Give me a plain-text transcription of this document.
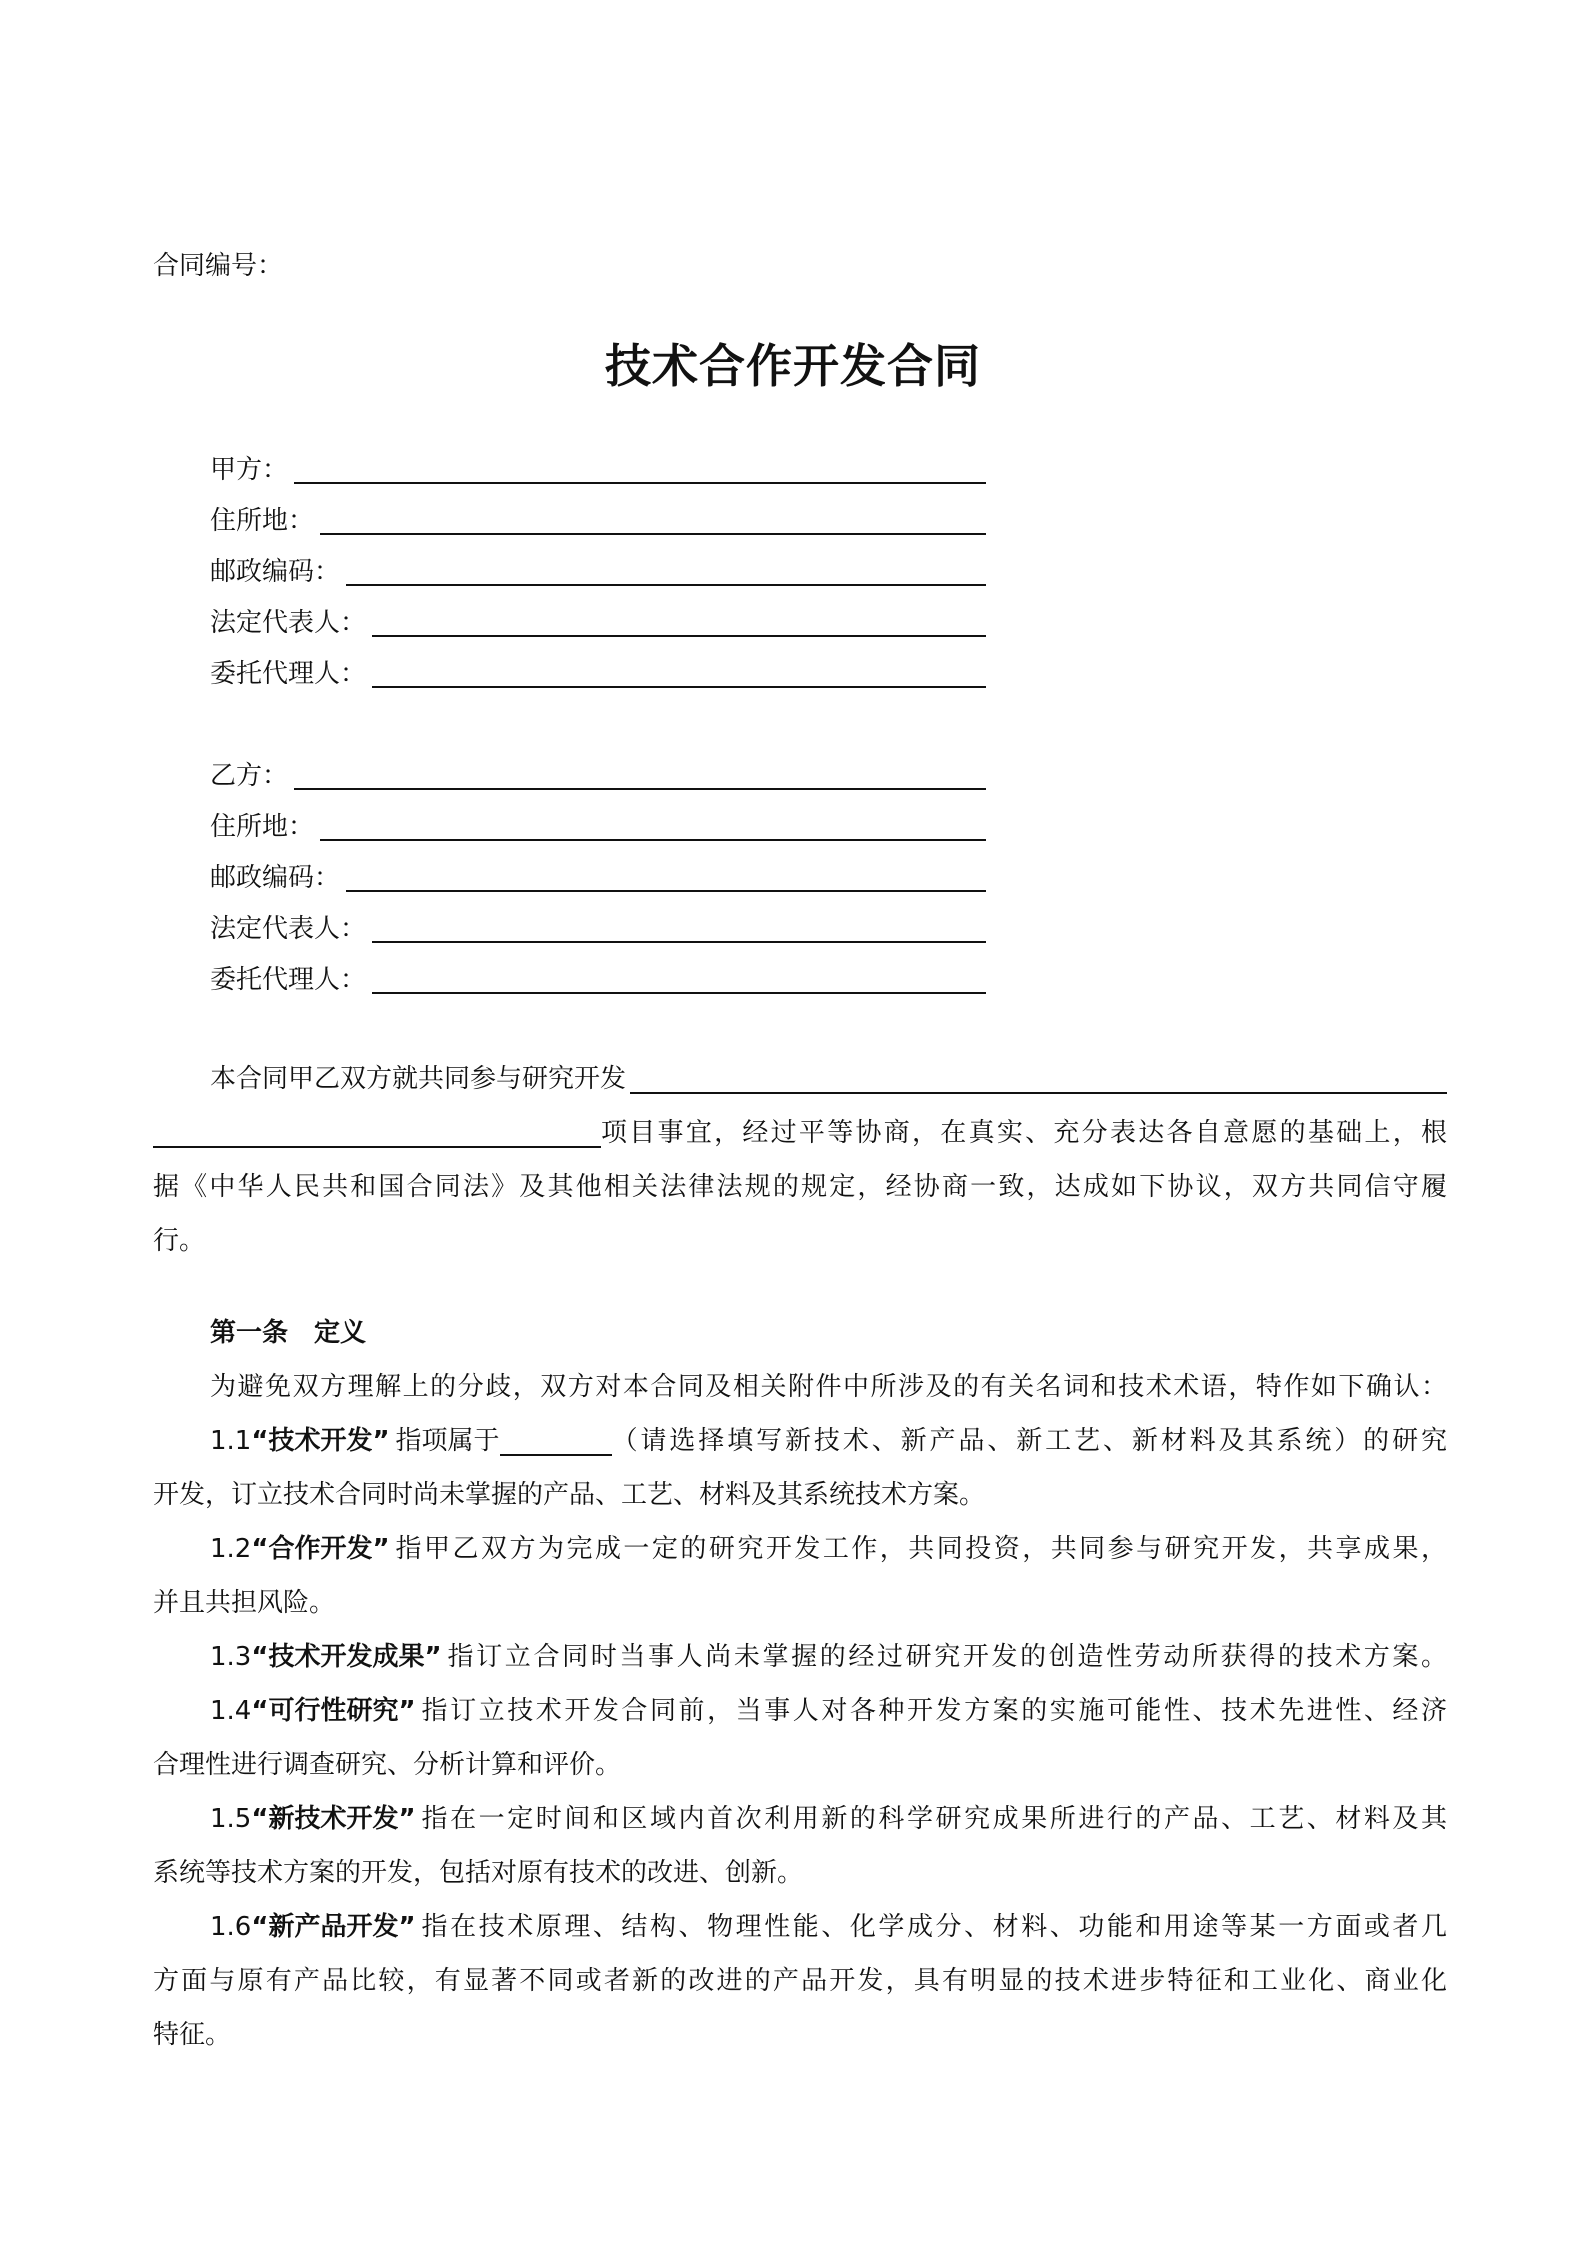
合同编号：
技术合作开发合同
甲方：
住所地：
邮政编码：
法定代表人：
委托代理人：
乙方：
住所地：
邮政编码：
法定代表人：
委托代理人：
本合同甲乙双方就共同参与研究开发
项目事宜，经过平等协商，在真实、充分表达各自意愿的基础上，根
据《中华人民共和国合同法》及其他相关法律法规的规定，经协商一致，达成如下协议，双方共同信守履
行。
第一条　定义
为避免双方理解上的分歧，双方对本合同及相关附件中所涉及的有关名词和技术术语，特作如下确认：
1.1 “技术开发” 指项属于	（请选择填写新技术、新产品、新工艺、新材料及其系统）的研究
开发，订立技术合同时尚未掌握的产品、工艺、材料及其系统技术方案。
1.2 “合作开发” 指甲乙双方为完成一定的研究开发工作，共同投资，共同参与研究开发，共享成果，
并且共担风险。
1.3 “技术开发成果” 指订立合同时当事人尚未掌握的经过研究开发的创造性劳动所获得的技术方案。
1.4 “可行性研究” 指订立技术开发合同前，当事人对各种开发方案的实施可能性、技术先进性、经济
合理性进行调查研究、分析计算和评价。
1.5 “新技术开发” 指在一定时间和区域内首次利用新的科学研究成果所进行的产品、工艺、材料及其
系统等技术方案的开发，包括对原有技术的改进、创新。
1.6 “新产品开发” 指在技术原理、结构、物理性能、化学成分、材料、功能和用途等某一方面或者几
方面与原有产品比较，有显著不同或者新的改进的产品开发，具有明显的技术进步特征和工业化、商业化
特征。
